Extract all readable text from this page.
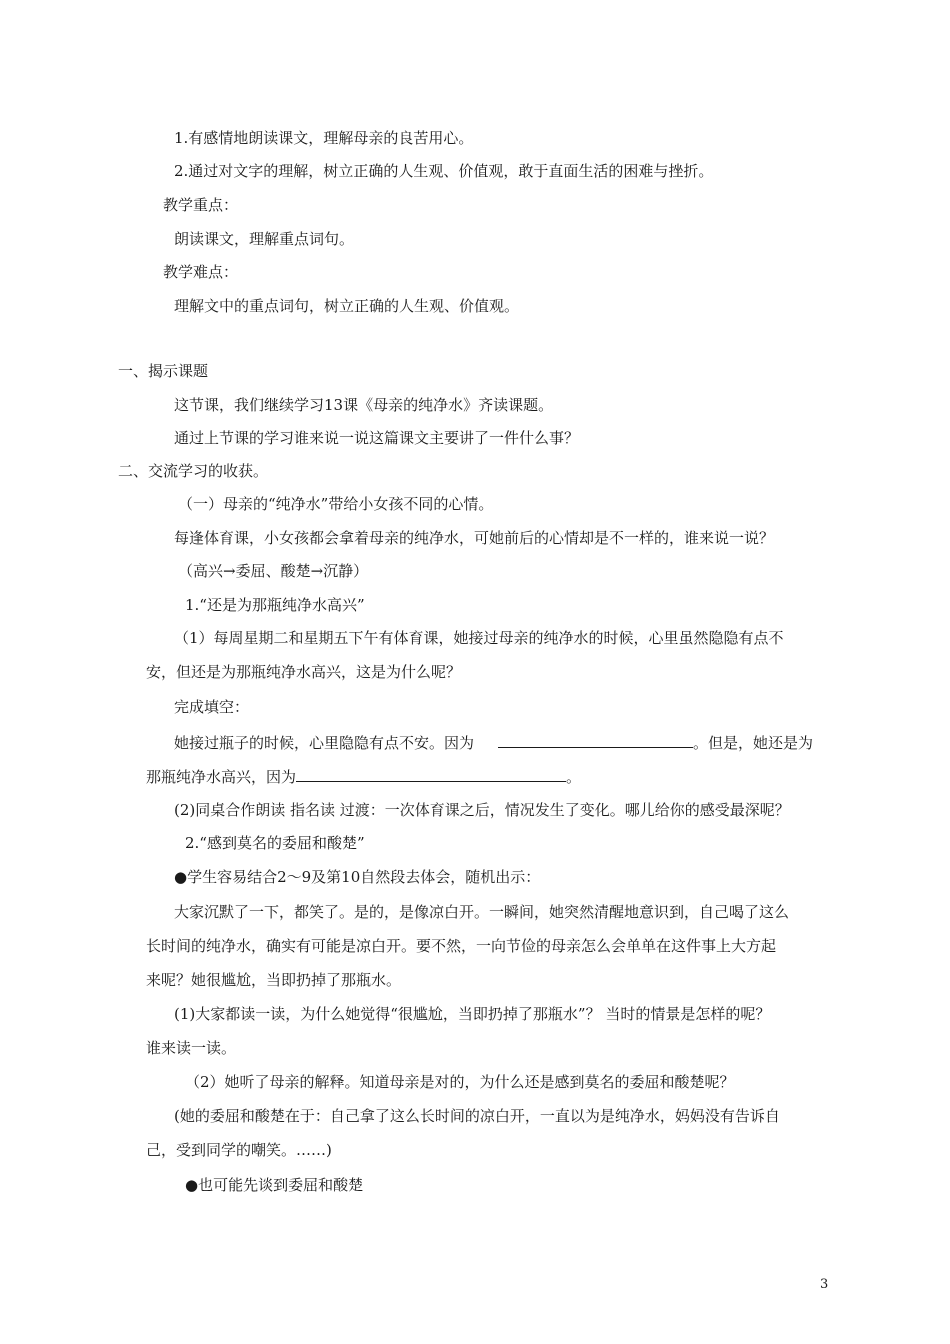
1.有感情地朗读课文，理解母亲的良苦用心。
2.通过对文字的理解，树立正确的人生观、价值观，敢于直面生活的困难与挫折。
教学重点：
朗读课文，理解重点词句。
教学难点：
理解文中的重点词句，树立正确的人生观、价值观。
一、揭示课题
这节课，我们继续学习13课《母亲的纯净水》齐读课题。
通过上节课的学习谁来说一说这篇课文主要讲了一件什么事？
二、交流学习的收获。
（一）母亲的“纯净水”带给小女孩不同的心情。
每逢体育课，小女孩都会拿着母亲的纯净水，可她前后的心情却是不一样的，谁来说一说？
（高兴→委屈、酸楚→沉静）
1.“还是为那瓶纯净水高兴”
（1）每周星期二和星期五下午有体育课，她接过母亲的纯净水的时候，心里虽然隐隐有点不
安，但还是为那瓶纯净水高兴，这是为什么呢？
完成填空：
她接过瓶子的时候，心里隐隐有点不安。因为	。但是，她还是为
那瓶纯净水高兴，因为	。
(2)同桌合作朗读 指名读 过渡：一次体育课之后，情况发生了变化。哪儿给你的感受最深呢？
2.“感到莫名的委屈和酸楚”
●学生容易结合2～9及第10自然段去体会，随机出示：
大家沉默了一下，都笑了。是的，是像凉白开。一瞬间，她突然清醒地意识到，自己喝了这么
长时间的纯净水，确实有可能是凉白开。要不然，一向节俭的母亲怎么会单单在这件事上大方起
来呢？她很尴尬，当即扔掉了那瓶水。
(1)大家都读一读，为什么她觉得“很尴尬，当即扔掉了那瓶水”？ 当时的情景是怎样的呢？
谁来读一读。
（2）她听了母亲的解释。知道母亲是对的，为什么还是感到莫名的委屈和酸楚呢？
(她的委屈和酸楚在于：自己拿了这么长时间的凉白开，一直以为是纯净水，妈妈没有告诉自
己，受到同学的嘲笑。……)
●也可能先谈到委屈和酸楚
3
